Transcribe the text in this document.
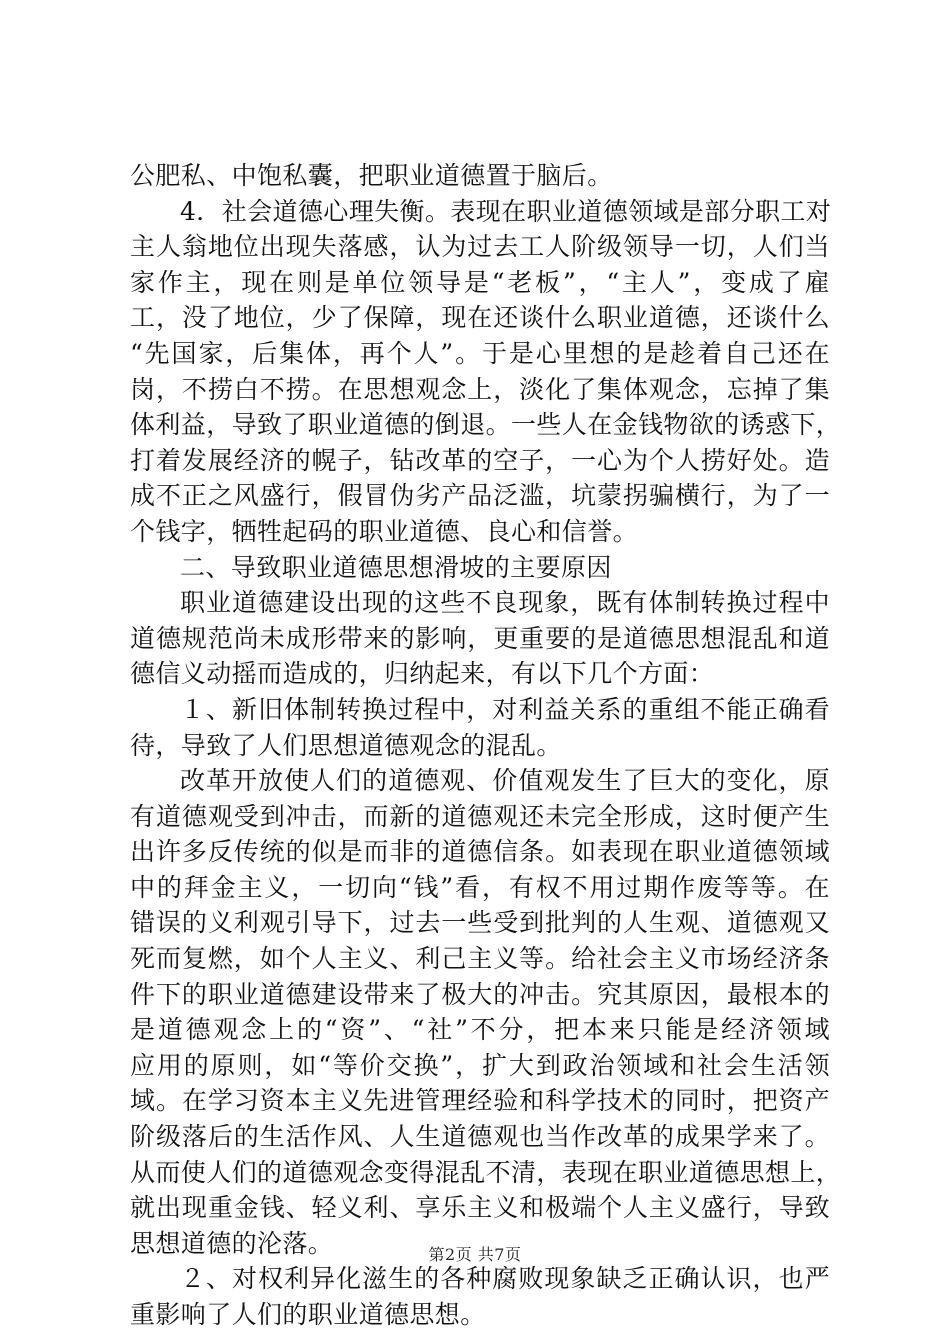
公肥私、中饱私囊，把职业道德置于脑后。
4．社会道德心理失衡。表现在职业道德领域是部分职工对
主人翁地位出现失落感，认为过去工人阶级领导一切，人们当
家作主，现在则是单位领导是“老板”，“主人”，变成了雇
工，没了地位，少了保障，现在还谈什么职业道德，还谈什么
“先国家，后集体，再个人”。于是心里想的是趁着自己还在
岗，不捞白不捞。在思想观念上，淡化了集体观念，忘掉了集
体利益，导致了职业道德的倒退。一些人在金钱物欲的诱惑下，
打着发展经济的幌子，钻改革的空子，一心为个人捞好处。造
成不正之风盛行，假冒伪劣产品泛滥，坑蒙拐骗横行，为了一
个钱字，牺牲起码的职业道德、良心和信誉。
二、导致职业道德思想滑坡的主要原因
职业道德建设出现的这些不良现象，既有体制转换过程中
道德规范尚未成形带来的影响，更重要的是道德思想混乱和道
德信义动摇而造成的，归纳起来，有以下几个方面：
１、新旧体制转换过程中，对利益关系的重组不能正确看
待，导致了人们思想道德观念的混乱。
改革开放使人们的道德观、价值观发生了巨大的变化，原
有道德观受到冲击，而新的道德观还未完全形成，这时便产生
出许多反传统的似是而非的道德信条。如表现在职业道德领域
中的拜金主义，一切向“钱”看，有权不用过期作废等等。在
错误的义利观引导下，过去一些受到批判的人生观、道德观又
死而复燃，如个人主义、利己主义等。给社会主义市场经济条
件下的职业道德建设带来了极大的冲击。究其原因，最根本的
是道德观念上的“资”、“社”不分，把本来只能是经济领域
应用的原则，如“等价交换”，扩大到政治领域和社会生活领
域。在学习资本主义先进管理经验和科学技术的同时，把资产
阶级落后的生活作风、人生道德观也当作改革的成果学来了。
从而使人们的道德观念变得混乱不清，表现在职业道德思想上，
就出现重金钱、轻义利、享乐主义和极端个人主义盛行，导致
思想道德的沦落。
２、对权利异化滋生的各种腐败现象缺乏正确认识，也严
重影响了人们的职业道德思想。
第2页 共7页
